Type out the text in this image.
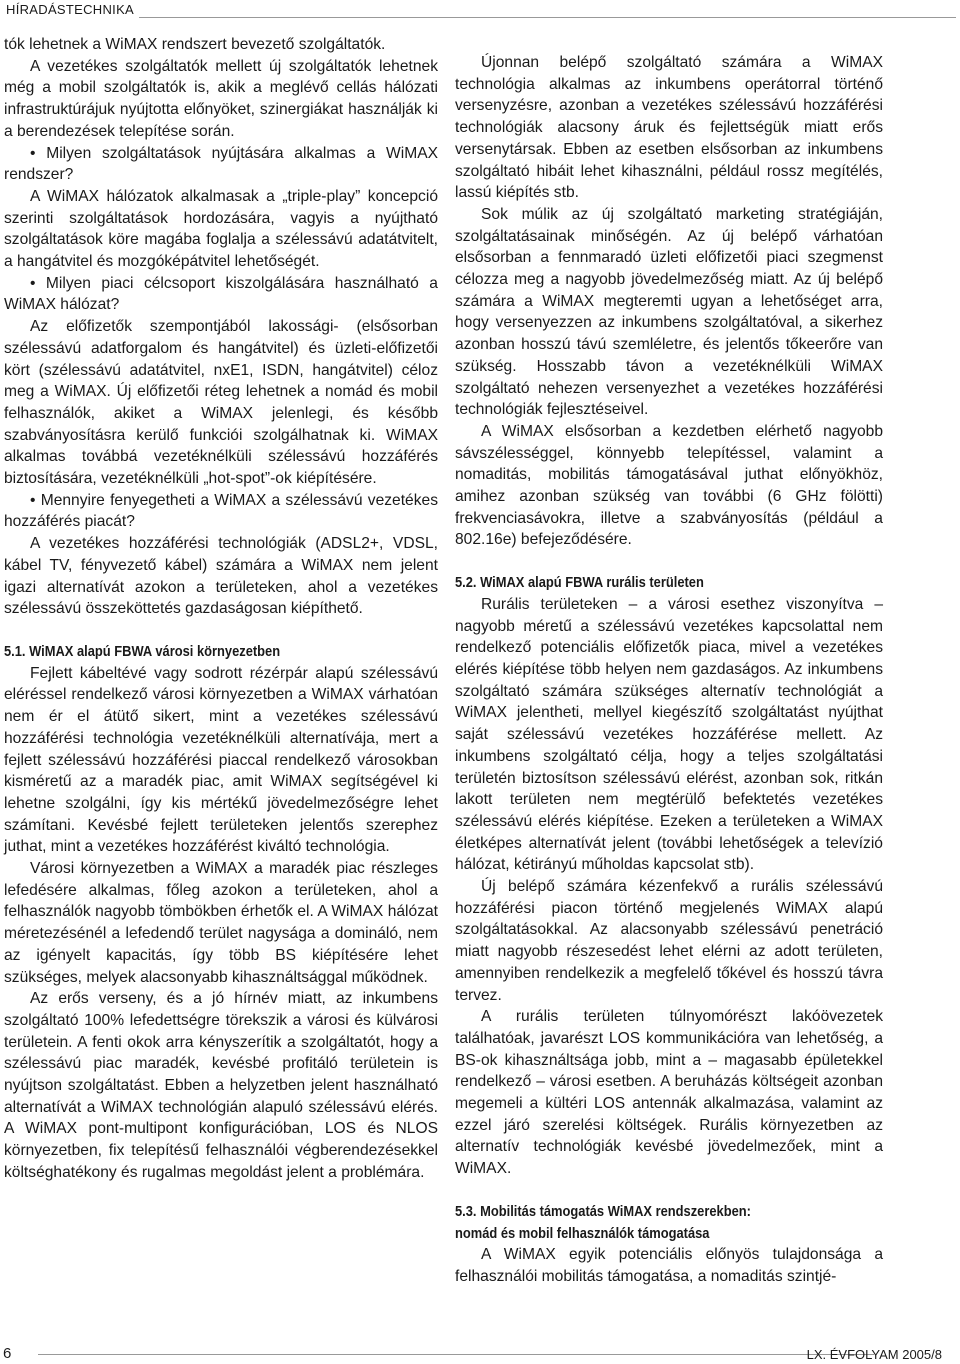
HÍRADÁSTECHNIKA

tók lehetnek a WiMAX rendszert bevezető szolgáltatók.

A vezetékes szolgáltatók mellett új szolgáltatók lehetnek még a mobil szolgáltatók is, akik a meglévő cellás hálózati infrastruktúrájuk nyújtotta előnyöket, szinergiákat használják ki a berendezések telepítése során.

• Milyen szolgáltatások nyújtására alkalmas a WiMAX rendszer?

A WiMAX hálózatok alkalmasak a „triple-play” koncepció szerinti szolgáltatások hordozására, vagyis a nyújtható szolgáltatások köre magába foglalja a szélessávú adatátvitelt, a hangátvitel és mozgóképátvitel lehetőségét.

• Milyen piaci célcsoport kiszolgálására használható a WiMAX hálózat?

Az előfizetők szempontjából lakossági- (elsősorban szélessávú adatforgalom és hangátvitel) és üzleti-előfizetői kört (szélessávú adatátvitel, nxE1, ISDN, hangátvitel) céloz meg a WiMAX. Új előfizetői réteg lehetnek a nomád és mobil felhasználók, akiket a WiMAX jelenlegi, és később szabványosításra kerülő funkciói szolgálhatnak ki. WiMAX alkalmas továbbá vezetéknélküli szélessávú hozzáférés biztosítására, vezetéknélküli „hot-spot”-ok kiépítésére.

• Mennyire fenyegetheti a WiMAX a szélessávú vezetékes hozzáférés piacát?

A vezetékes hozzáférési technológiák (ADSL2+, VDSL, kábel TV, fényvezető kábel) számára a WiMAX nem jelent igazi alternatívát azokon a területeken, ahol a vezetékes szélessávú összeköttetés gazdaságosan kiépíthető.

5.1. WiMAX alapú FBWA városi környezetben

Fejlett kábeltévé vagy sodrott rézérpár alapú szélessávú eléréssel rendelkező városi környezetben a WiMAX várhatóan nem ér el átütő sikert, mint a vezetékes szélessávú hozzáférési technológia vezetéknélküli alternatívája, mert a fejlett szélessávú hozzáférési piaccal rendelkező városokban kisméretű az a maradék piac, amit WiMAX segítségével ki lehetne szolgálni, így kis mértékű jövedelmezőségre lehet számítani. Kevésbé fejlett területeken jelentős szerephez juthat, mint a vezetékes hozzáférést kiváltó technológia.

Városi környezetben a WiMAX a maradék piac részleges lefedésére alkalmas, főleg azokon a területeken, ahol a felhasználók nagyobb tömbökben érhetők el. A WiMAX hálózat méretezésénél a lefedendő terület nagysága a domináló, nem az igényelt kapacitás, így több BS kiépítésére lehet szükséges, melyek alacsonyabb kihasználtsággal működnek.

Az erős verseny, és a jó hírnév miatt, az inkumbens szolgáltató 100% lefedettségre törekszik a városi és külvárosi területein. A fenti okok arra kényszerítik a szolgáltatót, hogy a szélessávú piac maradék, kevésbé profitáló területein is nyújtson szolgáltatást. Ebben a helyzetben jelent használható alternatívát a WiMAX technológián alapuló szélessávú elérés. A WiMAX pont-multipont konfigurációban, LOS és NLOS környezetben, fix telepítésű felhasználói végberendezésekkel költséghatékony és rugalmas megoldást jelent a problémára.

Újonnan belépő szolgáltató számára a WiMAX technológia alkalmas az inkumbens operátorral történő versenyzésre, azonban a vezetékes szélessávú hozzáférési technológiák alacsony áruk és fejlettségük miatt erős versenytársak. Ebben az esetben elsősorban az inkumbens szolgáltató hibáit lehet kihasználni, például rossz megítélés, lassú kiépítés stb.

Sok múlik az új szolgáltató marketing stratégiáján, szolgáltatásainak minőségén. Az új belépő várhatóan elsősorban a fennmaradó üzleti előfizetői piaci szegmenst célozza meg a nagyobb jövedelmezőség miatt. Az új belépő számára a WiMAX megteremti ugyan a lehetőséget arra, hogy versenyezzen az inkumbens szolgáltatóval, a sikerhez azonban hosszú távú szemléletre, és jelentős tőkeerőre van szükség. Hosszabb távon a vezetéknélküli WiMAX szolgáltató nehezen versenyezhet a vezetékes hozzáférési technológiák fejlesztéseivel.

A WiMAX elsősorban a kezdetben elérhető nagyobb sávszélességgel, könnyebb telepítéssel, valamint a nomaditás, mobilitás támogatásával juthat előnyökhöz, amihez azonban szükség van további (6 GHz fölötti) frekvenciasávokra, illetve a szabványosítás (például a 802.16e) befejeződésére.

5.2. WiMAX alapú FBWA rurális területen

Rurális területeken – a városi esethez viszonyítva – nagyobb méretű a szélessávú vezetékes kapcsolattal nem rendelkező potenciális előfizetők piaca, mivel a vezetékes elérés kiépítése több helyen nem gazdaságos. Az inkumbens szolgáltató számára szükséges alternatív technológiát a WiMAX jelentheti, mellyel kiegészítő szolgáltatást nyújthat saját szélessávú vezetékes hozzáférése mellett. Az inkumbens szolgáltató célja, hogy a teljes szolgáltatási területén biztosítson szélessávú elérést, azonban sok, ritkán lakott területen nem megtérülő befektetés vezetékes szélessávú elérés kiépítése. Ezeken a területeken a WiMAX életképes alternatívát jelent (további lehetőségek a televízió hálózat, kétirányú műholdas kapcsolat stb).

Új belépő számára kézenfekvő a rurális szélessávú hozzáférési piacon történő megjelenés WiMAX alapú szolgáltatásokkal. Az alacsonyabb szélessávú penetráció miatt nagyobb részesedést lehet elérni az adott területen, amennyiben rendelkezik a megfelelő tőkével és hosszú távra tervez.

A rurális területen túlnyomórészt lakóövezetek találhatóak, javarészt LOS kommunikációra van lehetőség, a BS-ok kihasználtsága jobb, mint a – magasabb épületekkel rendelkező – városi esetben. A beruházás költségeit azonban megemeli a kültéri LOS antennák alkalmazása, valamint az ezzel járó szerelési költségek. Rurális környezetben az alternatív technológiák kevésbé jövedelmezőek, mint a WiMAX.

5.3. Mobilitás támogatás WiMAX rendszerekben:
nomád és mobil felhasználók támogatása

A WiMAX egyik potenciális előnyös tulajdonsága a felhasználói mobilitás támogatása, a nomaditás szintjé-

6	LX. ÉVFOLYAM 2005/8
